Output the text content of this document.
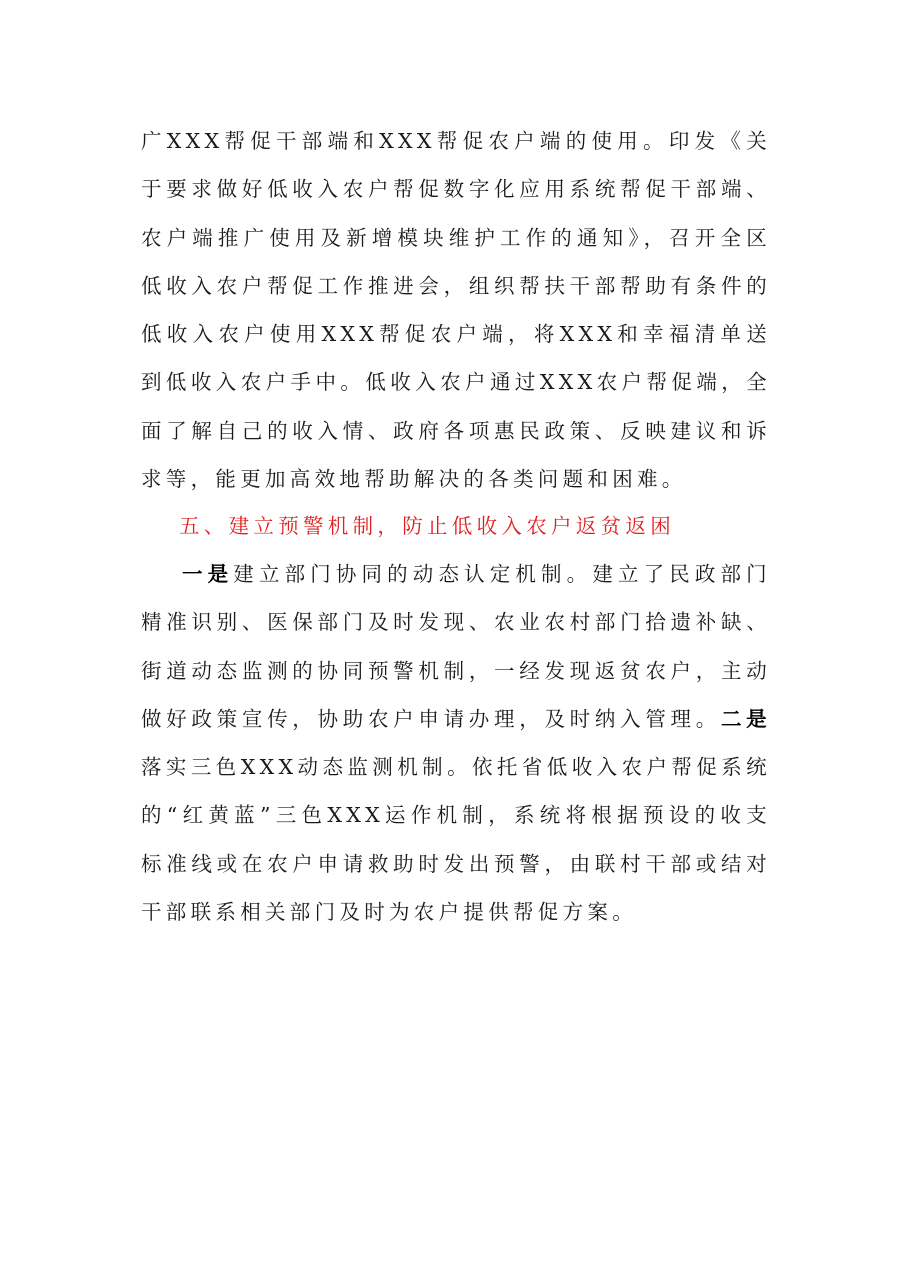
广XXX帮促干部端和XXX帮促农户端的使用。印发《关于要求做好低收入农户帮促数字化应用系统帮促干部端、农户端推广使用及新增模块维护工作的通知》，召开全区低收入农户帮促工作推进会，组织帮扶干部帮助有条件的低收入农户使用XXX帮促农户端，将XXX和幸福清单送到低收入农户手中。低收入农户通过XXX农户帮促端，全面了解自己的收入情、政府各项惠民政策、反映建议和诉求等，能更加高效地帮助解决的各类问题和困难。

五、建立预警机制，防止低收入农户返贫返困

一是建立部门协同的动态认定机制。建立了民政部门精准识别、医保部门及时发现、农业农村部门拾遗补缺、街道动态监测的协同预警机制，一经发现返贫农户，主动做好政策宣传，协助农户申请办理，及时纳入管理。二是落实三色XXX动态监测机制。依托省低收入农户帮促系统的“红黄蓝”三色XXX运作机制，系统将根据预设的收支标准线或在农户申请救助时发出预警，由联村干部或结对干部联系相关部门及时为农户提供帮促方案。
